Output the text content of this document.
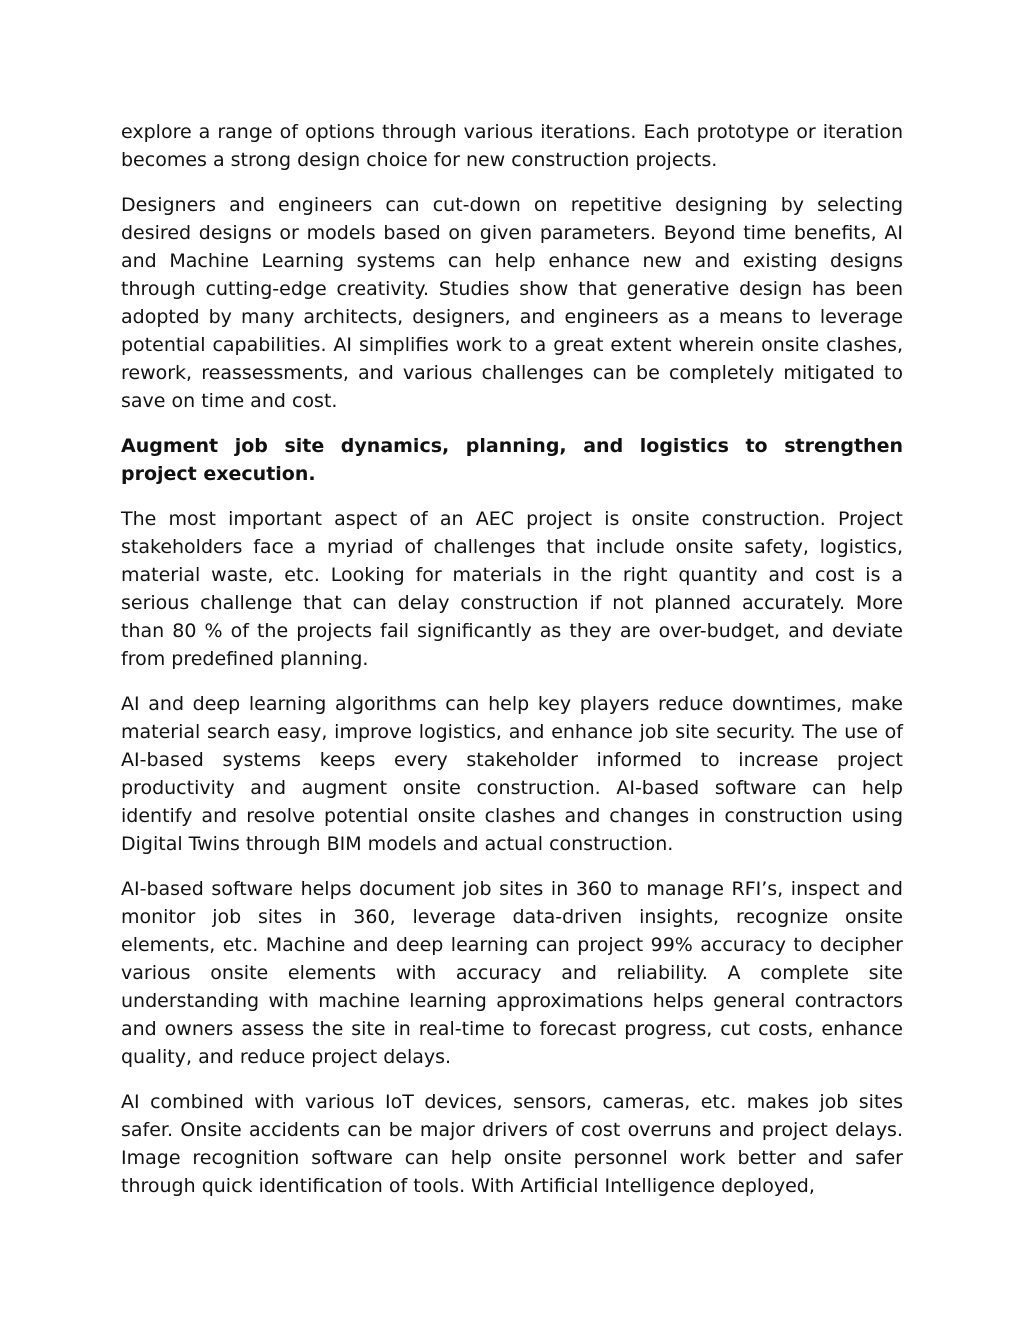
explore a range of options through various iterations. Each prototype or iteration becomes a strong design choice for new construction projects.

Designers and engineers can cut-down on repetitive designing by selecting desired designs or models based on given parameters. Beyond time benefits, AI and Machine Learning systems can help enhance new and existing designs through cutting-edge creativity. Studies show that generative design has been adopted by many architects, designers, and engineers as a means to leverage potential capabilities. AI simplifies work to a great extent wherein onsite clashes, rework, reassessments, and various challenges can be completely mitigated to save on time and cost.

Augment job site dynamics, planning, and logistics to strengthen project execution.

The most important aspect of an AEC project is onsite construction. Project stakeholders face a myriad of challenges that include onsite safety, logistics, material waste, etc. Looking for materials in the right quantity and cost is a serious challenge that can delay construction if not planned accurately. More than 80 % of the projects fail significantly as they are over-budget, and deviate from predefined planning.

AI and deep learning algorithms can help key players reduce downtimes, make material search easy, improve logistics, and enhance job site security. The use of AI-based systems keeps every stakeholder informed to increase project productivity and augment onsite construction. AI-based software can help identify and resolve potential onsite clashes and changes in construction using Digital Twins through BIM models and actual construction.

AI-based software helps document job sites in 360 to manage RFI’s, inspect and monitor job sites in 360, leverage data-driven insights, recognize onsite elements, etc. Machine and deep learning can project 99% accuracy to decipher various onsite elements with accuracy and reliability. A complete site understanding with machine learning approximations helps general contractors and owners assess the site in real-time to forecast progress, cut costs, enhance quality, and reduce project delays.

AI combined with various IoT devices, sensors, cameras, etc. makes job sites safer. Onsite accidents can be major drivers of cost overruns and project delays. Image recognition software can help onsite personnel work better and safer through quick identification of tools. With Artificial Intelligence deployed,
